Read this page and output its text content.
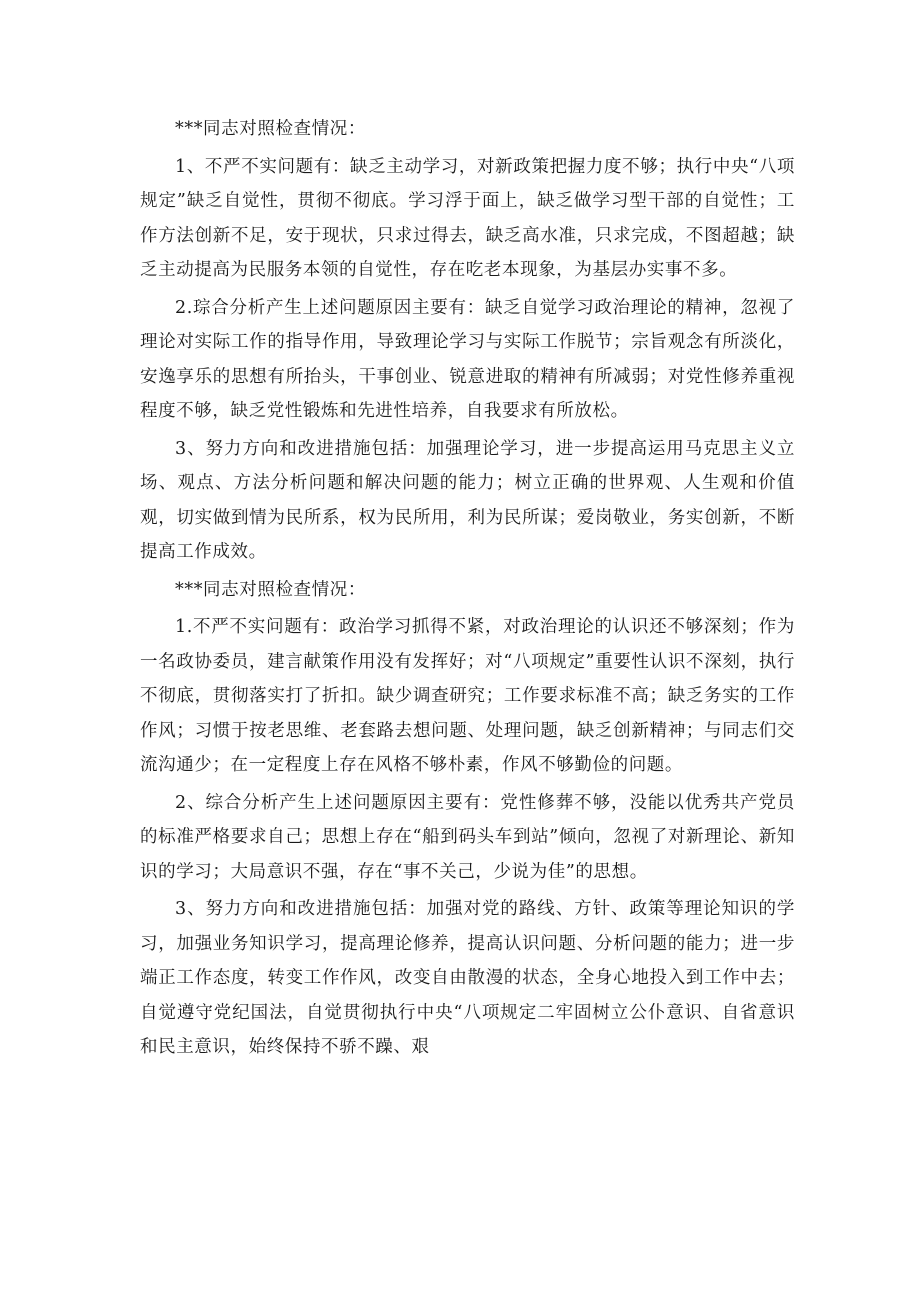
***同志对照检查情况：

1、不严不实问题有：缺乏主动学习，对新政策把握力度不够；执行中央“八项规定”缺乏自觉性，贯彻不彻底。学习浮于面上，缺乏做学习型干部的自觉性；工作方法创新不足，安于现状，只求过得去，缺乏高水准，只求完成，不图超越；缺乏主动提高为民服务本领的自觉性，存在吃老本现象，为基层办实事不多。

2.琮合分析产生上述问题原因主要有：缺乏自觉学习政治理论的精神，忽视了理论对实际工作的指导作用，导致理论学习与实际工作脱节；宗旨观念有所淡化，安逸享乐的思想有所抬头，干事创业、锐意进取的精神有所减弱；对党性修养重视程度不够，缺乏党性锻炼和先进性培养，自我要求有所放松。

3、努力方向和改进措施包括：加强理论学习，进一步提高运用马克思主义立场、观点、方法分析问题和解决问题的能力；树立正确的世界观、人生观和价值观，切实做到情为民所系，权为民所用，利为民所谋；爱岗敬业，务实创新，不断提高工作成效。

***同志对照检查情况：

1.不严不实问题有：政治学习抓得不紧，对政治理论的认识还不够深刻；作为一名政协委员，建言献策作用没有发挥好；对“八项规定”重要性认识不深刻，执行不彻底，贯彻落实打了折扣。缺少调查研究；工作要求标准不高；缺乏务实的工作作风；习惯于按老思维、老套路去想问题、处理问题，缺乏创新精神；与同志们交流沟通少；在一定程度上存在风格不够朴素，作风不够勤俭的问题。

2、综合分析产生上述问题原因主要有：党性修葬不够，没能以优秀共产党员的标准严格要求自己；思想上存在“船到码头车到站”倾向，忽视了对新理论、新知识的学习；大局意识不强，存在“事不关己，少说为佳”的思想。

3、努力方向和改进措施包括：加强对党的路线、方针、政策等理论知识的学习，加强业务知识学习，提高理论修养，提高认识问题、分析问题的能力；进一步端正工作态度，转变工作作风，改变自由散漫的状态，全身心地投入到工作中去；自觉遵守党纪国法，自觉贯彻执行中央“八项规定二牢固树立公仆意识、自省意识和民主意识，始终保持不骄不躁、艰
